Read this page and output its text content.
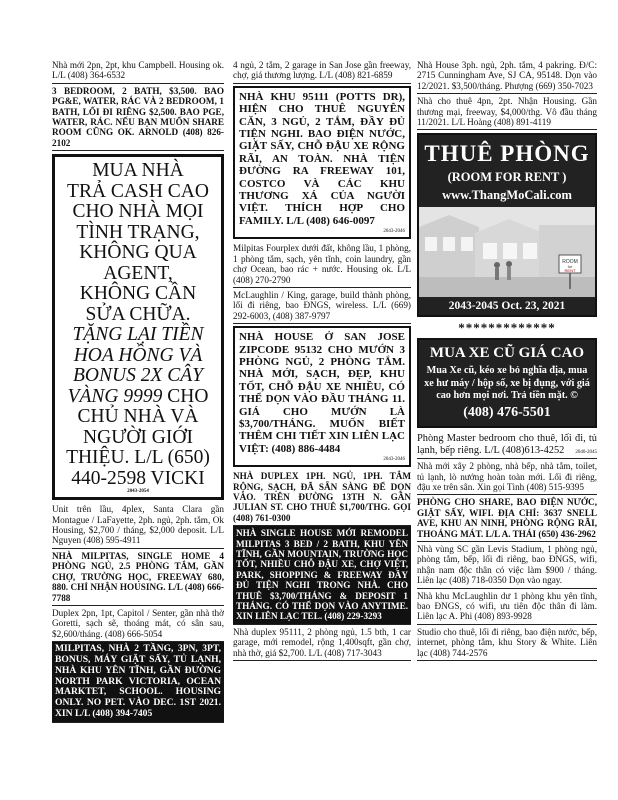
Nhà mới 2pn, 2pt, khu Campbell. Housing ok. L/L (408) 364-6532

3 BEDROOM, 2 BATH, $3,500. BAO PG&E, WATER, RÁC VÀ 2 BEDROOM, 1 BATH, LỐI ĐI RIÊNG $2,500. BAO PGE, WATER, RÁC. NẾU BẠN MUỐN SHARE ROOM CŨNG OK. ARNOLD (408) 826-2102

MUA NHÀ
TRẢ CASH CAO
CHO NHÀ MỌI
TÌNH TRẠNG,
KHÔNG QUA
AGENT,
KHÔNG CẦN
SỬA CHỮA.
TẶNG LẠI TIỀN
HOA HỒNG VÀ
BONUS 2X CÂY
VÀNG 9999 CHO
CHỦ NHÀ VÀ
NGƯỜI GIỚI
THIỆU. L/L (650)
440-2598 VICKI
2043-2054

Unit trên lầu, 4plex, Santa Clara gần Montague / LaFayette, 2ph. ngủ, 2ph. tắm, Ok Housing, $2,700 / tháng, $2,000 deposit. L/L Nguyen (408) 595-4911

NHÀ MILPITAS, SINGLE HOME 4 PHÒNG NGỦ, 2.5 PHÒNG TẮM, GẦN CHỢ, TRƯỜNG HỌC, FREEWAY 680, 880. CHỈ NHẬN HOUSING. L/L (408) 666-7788

Duplex 2pn, 1pt, Capitol / Senter, gần nhà thờ Goretti, sạch sẽ, thoáng mát, có sân sau, $2,600/tháng. (408) 666-5054

MILPITAS, NHÀ 2 TẦNG, 3PN, 3PT, BONUS, MÁY GIẶT SẤY, TỦ LẠNH, NHÀ KHU YÊN TĨNH, GẦN ĐƯỜNG NORTH PARK VICTORIA, OCEAN MARKTET, SCHOOL. HOUSING ONLY. NO PET. VÀO DEC. 1ST 2021. XIN L/L (408) 394-7405

4 ngủ, 2 tắm, 2 garage in San Jose gần freeway, chợ, giá thương lượng. L/L (408) 821-6859

NHÀ KHU 95111 (POTTS DR), HIỆN CHO THUÊ NGUYÊN CĂN, 3 NGỦ, 2 TẮM, ĐẦY ĐỦ TIỆN NGHI. BAO ĐIỆN NƯỚC, GIẶT SẤY, CHỖ ĐẬU XE RỘNG RÃI, AN TOÀN. NHÀ TIỆN ĐƯỜNG RA FREEWAY 101, COSTCO VÀ CÁC KHU THƯƠNG XÁ CỦA NGƯỜI VIỆT. THÍCH HỢP CHO FAMILY. L/L (408) 646-0097

2043-2046

Milpitas Fourplex dưới đất, không lầu, 1 phòng, 1 phòng tắm, sạch, yên tĩnh, coin laundry, gần chợ Ocean, bao rác + nước. Housing ok. L/L (408) 270-2790

McLaughlin / King, garage, build thành phòng, lối đi riêng, bao ĐNGS, wireless. L/L (669) 292-6003, (408) 387-9797

NHÀ HOUSE Ở SAN JOSE ZIPCODE 95132 CHO MƯỚN 3 PHÒNG NGỦ, 2 PHÒNG TẮM. NHÀ MỚI, SẠCH, ĐẸP, KHU TỐT, CHỖ ĐẬU XE NHIỀU, CÓ THỂ DỌN VÀO ĐẦU THÁNG 11. GIÁ CHO MƯỚN LÀ $3,700/THÁNG. MUỐN BIẾT THÊM CHI TIẾT XIN LIÊN LẠC VIỆT: (408) 886-4484

2043-2046

NHÀ DUPLEX 1PH. NGỦ, 1PH. TẮM RỘNG, SẠCH, ĐÃ SẴN SÀNG ĐỂ DỌN VÀO. TRÊN ĐƯỜNG 13TH N. GẦN JULIAN ST. CHO THUÊ $1,700/THG. GỌI (408) 761-0300

NHÀ SINGLE HOUSE MỚI REMODEL MILPITAS 3 BED / 2 BATH, KHU YÊN TĨNH, GẦN MOUNTAIN, TRƯỜNG HỌC TỐT, NHIỀU CHỖ ĐẬU XE, CHỢ VIỆT, PARK, SHOPPING & FREEWAY ĐẦY ĐỦ TIỆN NGHI TRONG NHÀ. CHO THUÊ $3,700/THÁNG & DEPOSIT 1 THÁNG. CÓ THỂ DỌN VÀO ANYTIME. XIN LIÊN LẠC TEL. (408) 229-3293

Nhà duplex 95111, 2 phòng ngủ, 1.5 bth, 1 car garage, mới remodel, rộng 1,400sqft, gần chợ, nhà thờ, giá $2,700. L/L (408) 717-3043

Nhà House 3ph. ngủ, 2ph. tắm, 4 pakring. Đ/C: 2715 Cunningham Ave, SJ CA, 95148. Dọn vào 12/2021. $3,500/tháng. Phượng (669) 350-7023

Nhà cho thuê 4pn, 2pt. Nhận Housing. Gần thương mại, freeway, $4,000/thg. Vô đầu tháng 11/2021. L/L Hoàng (408) 891-4119

THUÊ PHÒNG
(ROOM FOR RENT )
www.ThangMoCali.com
ROOM
for
RENT
2043-2045 Oct. 23, 2021
*************
MUA XE CŨ GIÁ CAO
Mua Xe cũ, kéo xe bỏ nghĩa địa, mua xe hư máy / hộp số, xe bị đụng, với giá cao hơn mọi nơi. Trả tiền mặt. ©
(408) 476-5501

Phòng Master bedroom cho thuê, lối đi, tủ lạnh, bếp riêng. L/L (408)613-4252 2040-2045

Nhà mới xây 2 phòng, nhà bếp, nhà tắm, toilet, tủ lạnh, lò nướng hoàn toàn mới. Lối đi riêng, đậu xe trên sân. Xin gọi Tình (408) 515-9395

PHÒNG CHO SHARE, BAO ĐIỆN NƯỚC, GIẶT SẤY, WIFI. ĐỊA CHỈ: 3637 SNELL AVE, KHU AN NINH, PHÒNG RỘNG RÃI, THOÁNG MÁT. L/L A. THÁI (650) 436-2962

Nhà vùng SC gần Levis Stadium, 1 phòng ngủ, phòng tắm, bếp, lối đi riêng, bao ĐNGS, wifi, nhận nam độc thân có việc làm $900 / tháng. Liên lạc (408) 718-0350 Dọn vào ngay.

Nhà khu McLaughlin dư 1 phòng khu yên tĩnh, bao ĐNGS, có wifi, ưu tiên độc thân đi làm. Liên lạc A. Phi (408) 893-9928

Studio cho thuê, lối đi riêng, bao điện nước, bếp, internet, phòng tắm, khu Story & White. Liên lạc (408) 744-2576
